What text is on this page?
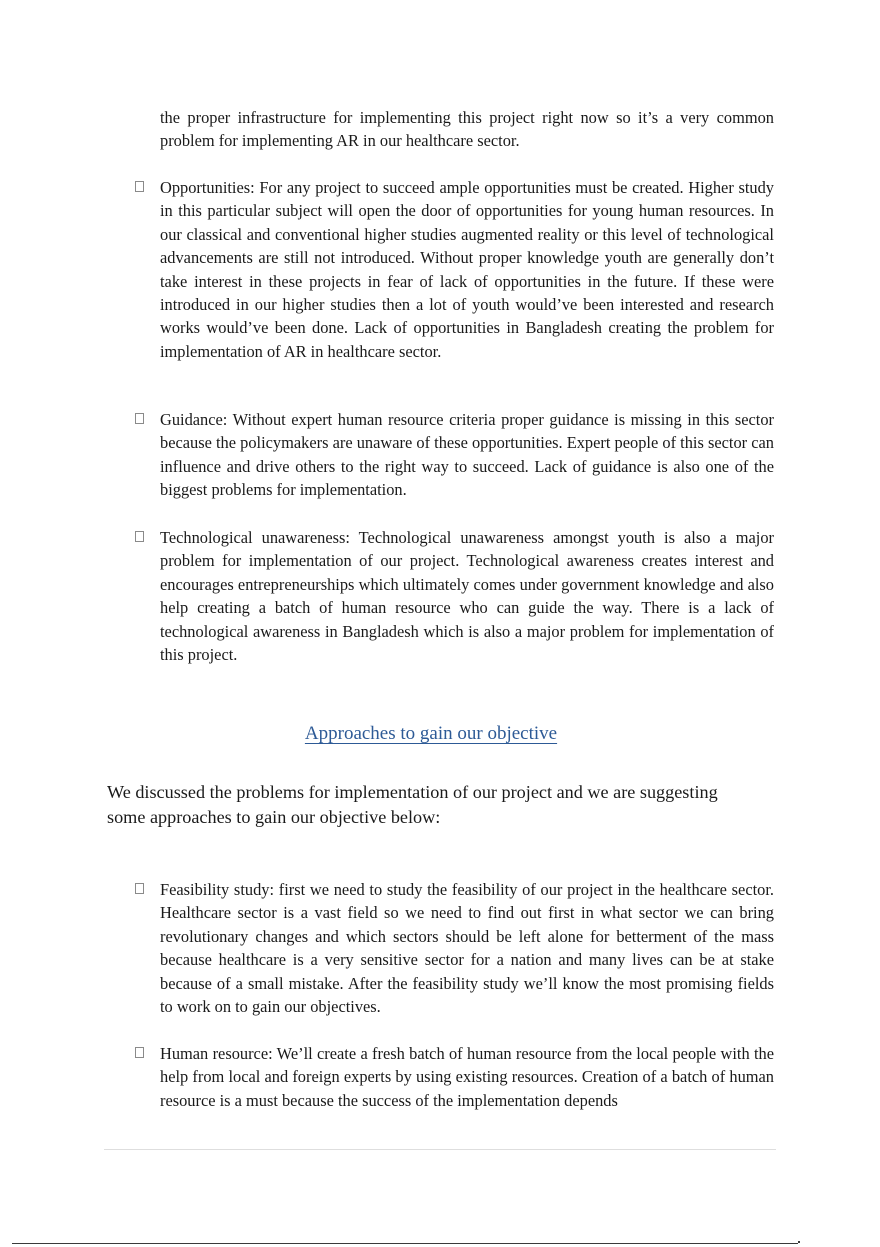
the proper infrastructure for implementing this project right now so it’s a very common problem for implementing AR in our healthcare sector.

Opportunities: For any project to succeed ample opportunities must be created. Higher study in this particular subject will open the door of opportunities for young human resources. In our classical and conventional higher studies augmented reality or this level of technological advancements are still not introduced. Without proper knowledge youth are generally don’t take interest in these projects in fear of lack of opportunities in the future. If these were introduced in our higher studies then a lot of youth would’ve been interested and research works would’ve been done. Lack of opportunities in Bangladesh creating the problem for implementation of AR in healthcare sector.

Guidance: Without expert human resource criteria proper guidance is missing in this sector because the policymakers are unaware of these opportunities. Expert people of this sector can influence and drive others to the right way to succeed. Lack of guidance is also one of the biggest problems for implementation.

Technological unawareness: Technological unawareness amongst youth is also a major problem for implementation of our project. Technological awareness creates interest and encourages entrepreneurships which ultimately comes under government knowledge and also help creating a batch of human resource who can guide the way. There is a lack of technological awareness in Bangladesh which is also a major problem for implementation of this project.

Approaches to gain our objective

We discussed the problems for implementation of our project and we are suggesting some approaches to gain our objective below:

Feasibility study: first we need to study the feasibility of our project in the healthcare sector. Healthcare sector is a vast field so we need to find out first in what sector we can bring revolutionary changes and which sectors should be left alone for betterment of the mass because healthcare is a very sensitive sector for a nation and many lives can be at stake because of a small mistake. After the feasibility study we’ll know the most promising fields to work on to gain our objectives.

Human resource: We’ll create a fresh batch of human resource from the local people with the help from local and foreign experts by using existing resources. Creation of a batch of human resource is a must because the success of the implementation depends
